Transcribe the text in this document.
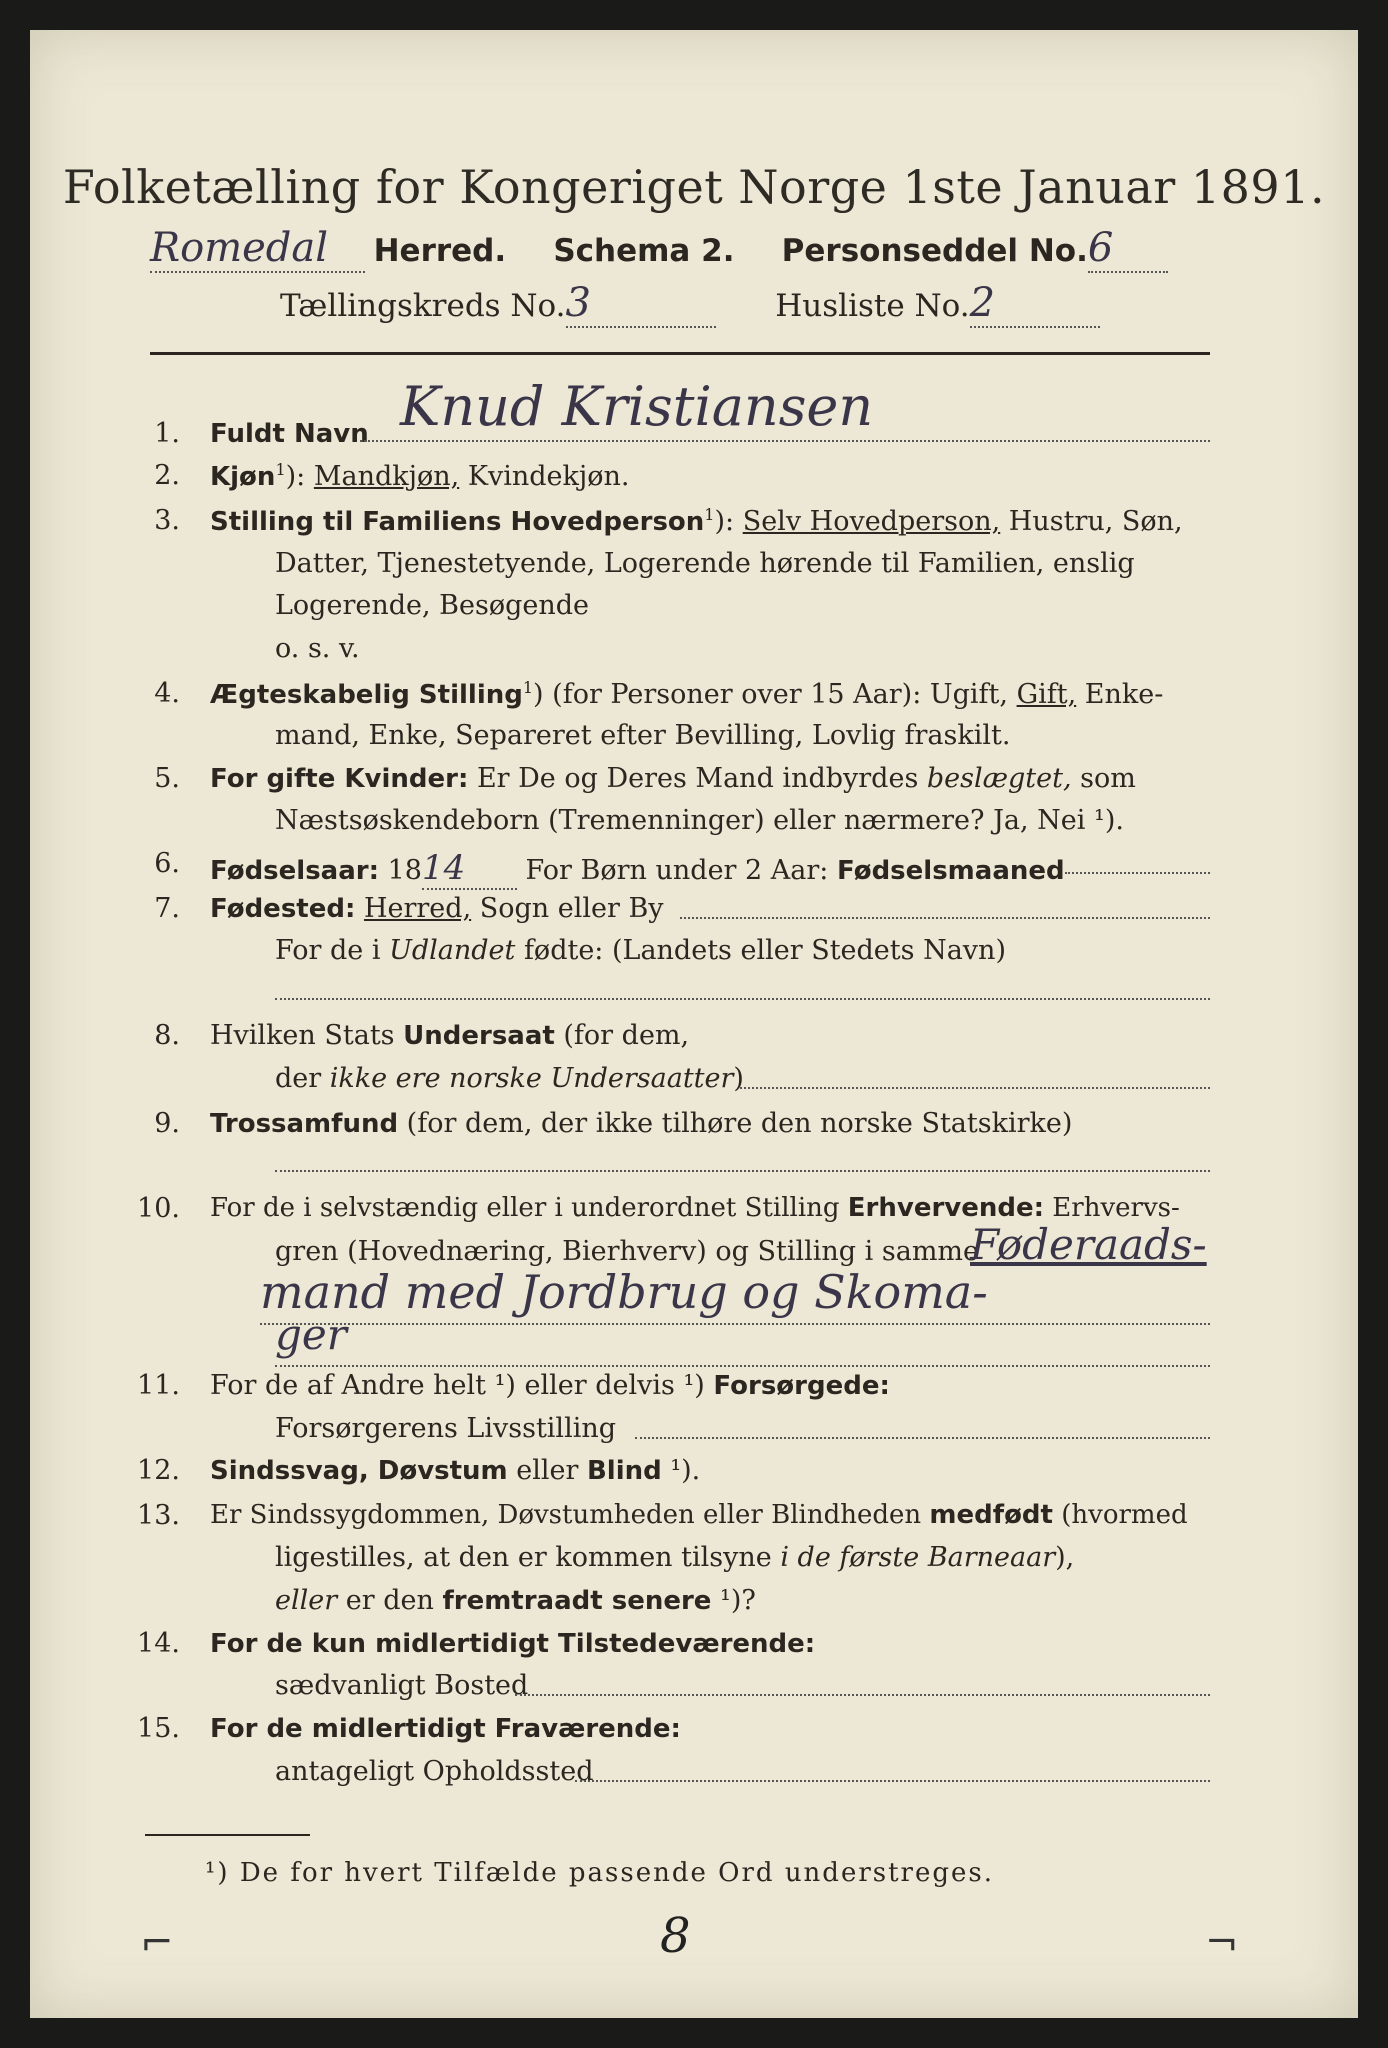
Folketælling for Kongeriget Norge 1ste Januar 1891.
Romedal Herred. Schema 2. Personseddel No.6
Tællingskreds No.3	Husliste No.2
1. Fuldt Navn Knud Kristiansen
2. Kjøn$^1$): Mandkjøn, Kvindekjøn.
3. Stilling til Familiens Hovedperson$^1$): Selv Hovedperson, Hustru, Søn,
Datter, Tjenestetyende, Logerende hørende til Familien, enslig
Logerende, Besøgende
o. s. v.
4. Ægteskabelig Stilling$^1$) (for Personer over 15 Aar): Ugift, Gift, Enke-
mand, Enke, Separeret efter Bevilling, Lovlig fraskilt.
5. For gifte Kvinder: Er De og Deres Mand indbyrdes beslægtet, som
Næstsøskendeborn (Tremenninger) eller nærmere? Ja, Nei ¹).
6. Fødselsaar: 1814 For Børn under 2 Aar: Fødselsmaaned
7. Fødested: Herred, Sogn eller By
For de i Udlandet fødte: (Landets eller Stedets Navn)
8. Hvilken Stats Undersaat (for dem,
der ikke ere norske Undersaatter)
9. Trossamfund (for dem, der ikke tilhøre den norske Statskirke)
10. For de i selvstændig eller i underordnet Stilling Erhvervende: Erhvervs-
gren (Hovednæring, Bierhverv) og Stilling i samme
Føderaads-
mand med Jordbrug og Skoma-
ger
11. For de af Andre helt ¹) eller delvis ¹) Forsørgede:
Forsørgerens Livsstilling
12. Sindssvag, Døvstum eller Blind ¹).
13. Er Sindssygdommen, Døvstumheden eller Blindheden medfødt (hvormed
ligestilles, at den er kommen tilsyne i de første Barneaar),
eller er den fremtraadt senere ¹)?
14. For de kun midlertidigt Tilstedeværende:
sædvanligt Bosted
15. For de midlertidigt Fraværende:
antageligt Opholdssted
¹) De for hvert Tilfælde passende Ord understreges.
⌐	¬
8
